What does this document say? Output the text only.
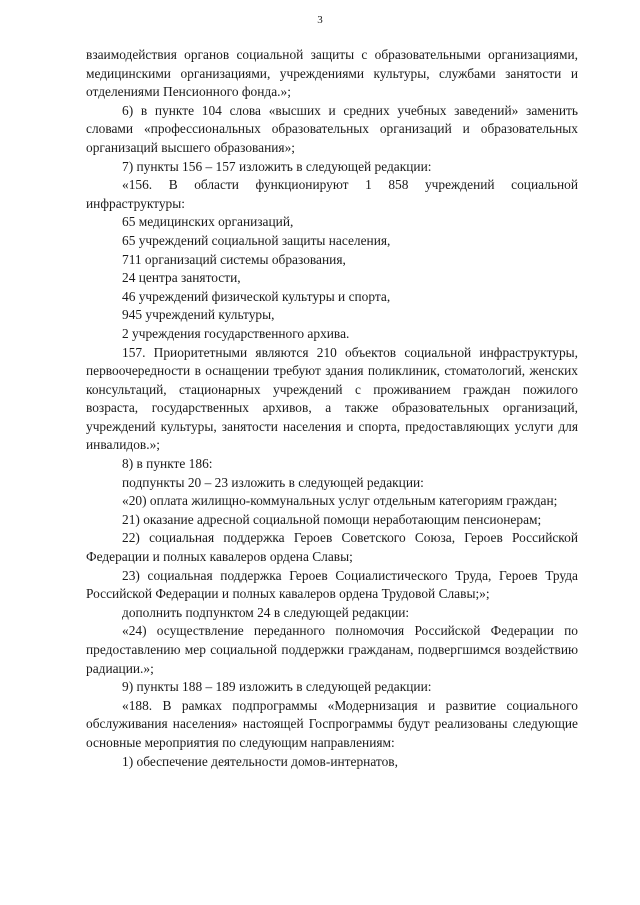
3

взаимодействия органов социальной защиты с образовательными организациями, медицинскими организациями, учреждениями культуры, службами занятости и отделениями Пенсионного фонда.»;

6) в пункте 104 слова «высших и средних учебных заведений» заменить словами «профессиональных образовательных организаций и образовательных организаций высшего образования»;

7) пункты 156 – 157 изложить в следующей редакции:

«156. В области функционируют 1 858 учреждений социальной инфраструктуры:

65 медицинских организаций,

65 учреждений социальной защиты населения,

711 организаций системы образования,

24 центра занятости,

46 учреждений физической культуры и спорта,

945 учреждений культуры,

2 учреждения государственного архива.

157. Приоритетными являются 210 объектов социальной инфраструктуры, первоочередности в оснащении требуют здания поликлиник, стоматологий, женских консультаций, стационарных учреждений с проживанием граждан пожилого возраста, государственных архивов, а также образовательных организаций, учреждений культуры, занятости населения и спорта, предоставляющих услуги для инвалидов.»;

8) в пункте 186:

подпункты 20 – 23 изложить в следующей редакции:

«20) оплата жилищно-коммунальных услуг отдельным категориям граждан;

21) оказание адресной социальной помощи неработающим пенсионерам;

22) социальная поддержка Героев Советского Союза, Героев Российской Федерации и полных кавалеров ордена Славы;

23) социальная поддержка Героев Социалистического Труда, Героев Труда Российской Федерации и полных кавалеров ордена Трудовой Славы;»;

дополнить подпунктом 24 в следующей редакции:

«24) осуществление переданного полномочия Российской Федерации по предоставлению мер социальной поддержки гражданам, подвергшимся воздействию радиации.»;

9) пункты 188 – 189 изложить в следующей редакции:

«188. В рамках подпрограммы «Модернизация и развитие социального обслуживания населения» настоящей Госпрограммы будут реализованы следующие основные мероприятия по следующим направлениям:

1) обеспечение деятельности домов-интернатов,
